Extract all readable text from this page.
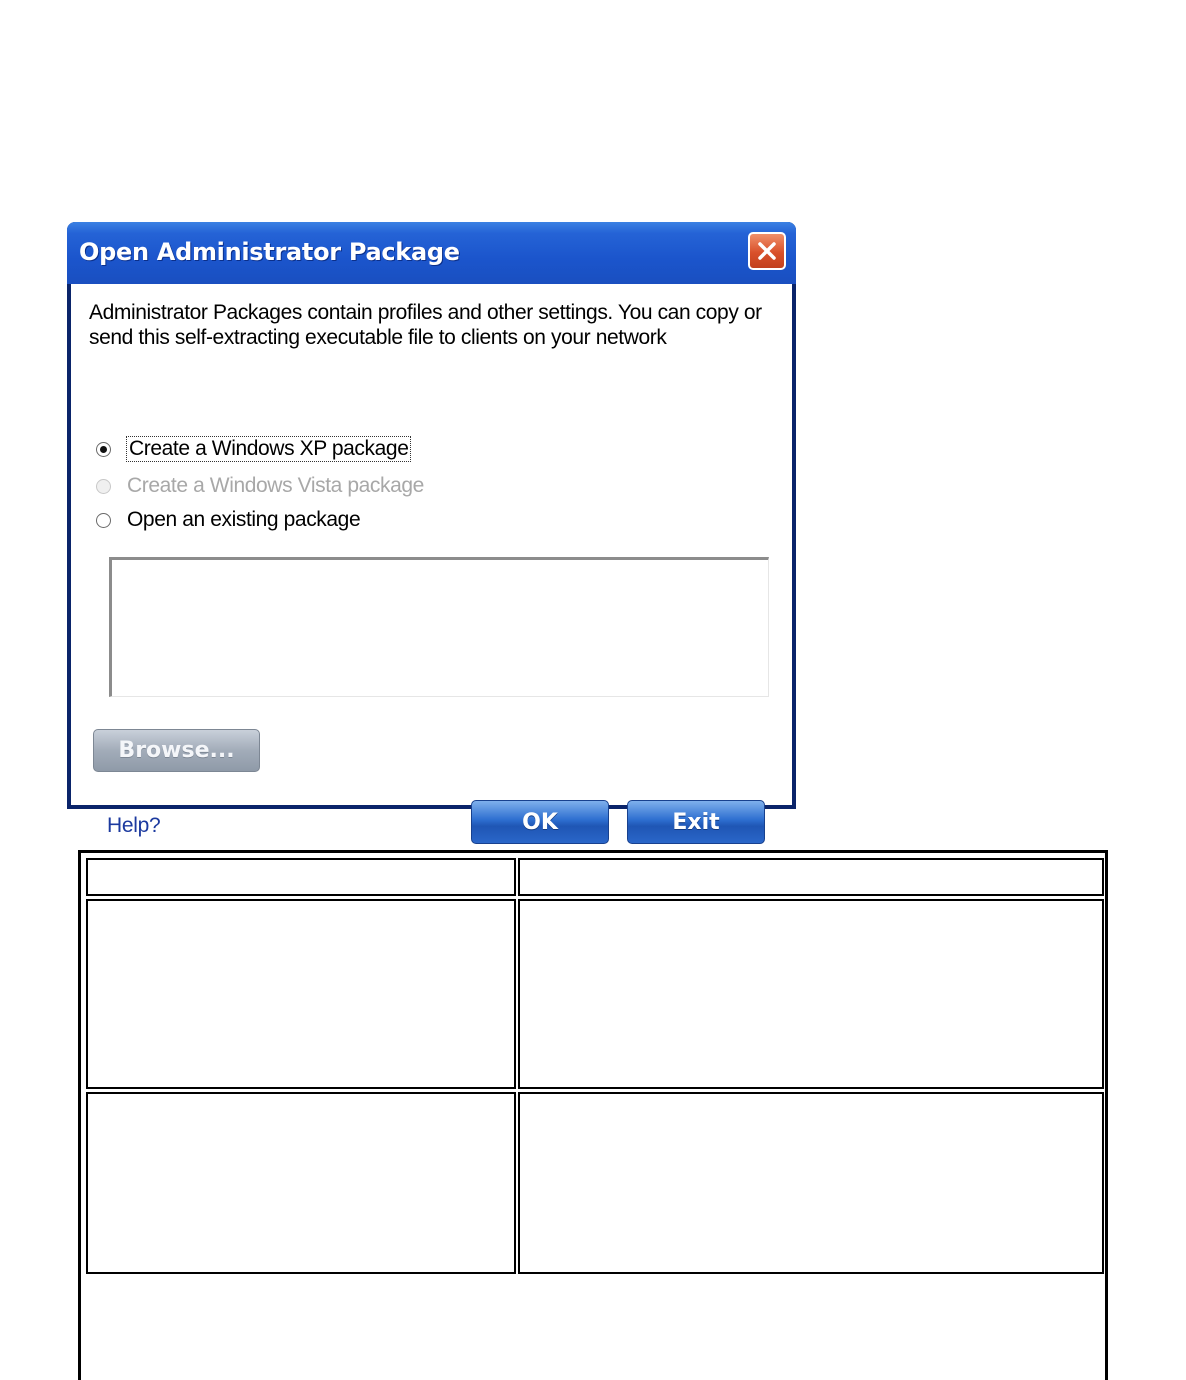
Open Administrator Package
Administrator Packages contain profiles and other settings. You can copy or send this self-extracting executable file to clients on your network
Create a Windows XP package
Create a Windows Vista package
Open an existing package
Browse...
Help?	OK	Exit
